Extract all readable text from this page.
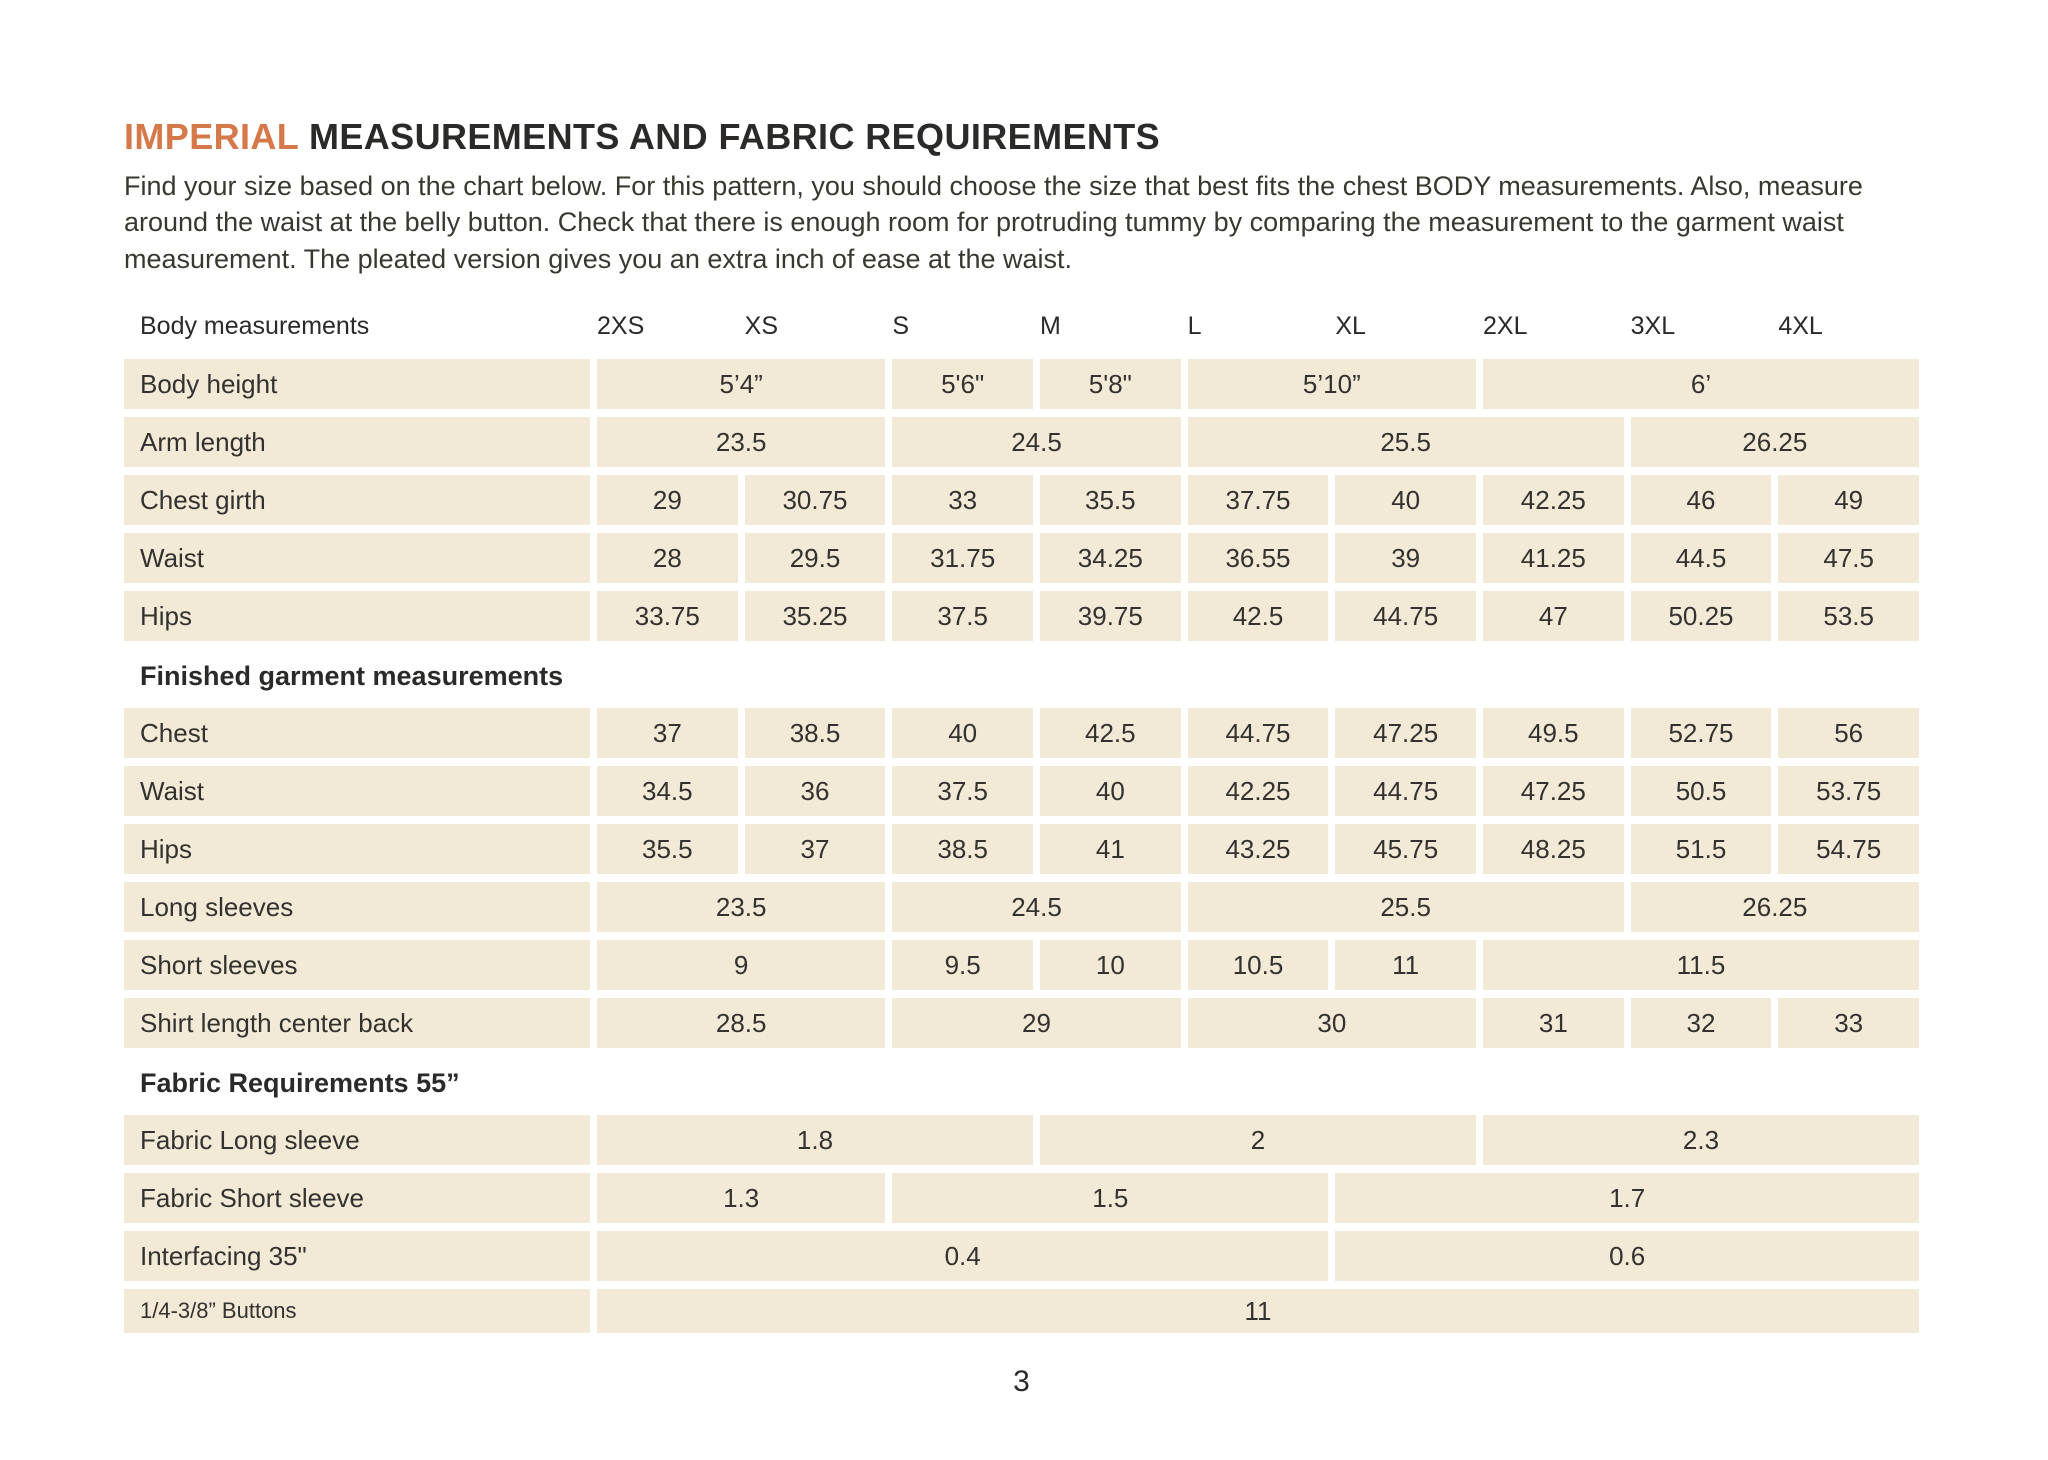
IMPERIAL MEASUREMENTS AND FABRIC REQUIREMENTS

Find your size based on the chart below. For this pattern, you should choose the size that best fits the chest BODY measurements. Also, measure around the waist at the belly button. Check that there is enough room for protruding tummy by comparing the measurement to the garment waist measurement. The pleated version gives you an extra inch of ease at the waist.

Body measurements	2XS	XS	S	M	L	XL	2XL	3XL	4XL
Body height	5’4”	5'6"	5'8"	5’10”	6’
Arm length	23.5	24.5	25.5	26.25
Chest girth	29	30.75	33	35.5	37.75	40	42.25	46	49
Waist	28	29.5	31.75	34.25	36.55	39	41.25	44.5	47.5
Hips	33.75	35.25	37.5	39.75	42.5	44.75	47	50.25	53.5
Finished garment measurements
Chest	37	38.5	40	42.5	44.75	47.25	49.5	52.75	56
Waist	34.5	36	37.5	40	42.25	44.75	47.25	50.5	53.75
Hips	35.5	37	38.5	41	43.25	45.75	48.25	51.5	54.75
Long sleeves	23.5	24.5	25.5	26.25
Short sleeves	9	9.5	10	10.5	11	11.5
Shirt length center back	28.5	29	30	31	32	33
Fabric Requirements 55”
Fabric Long sleeve	1.8	2	2.3
Fabric Short sleeve	1.3	1.5	1.7
Interfacing 35"	0.4	0.6
1/4-3/8” Buttons	11
3
